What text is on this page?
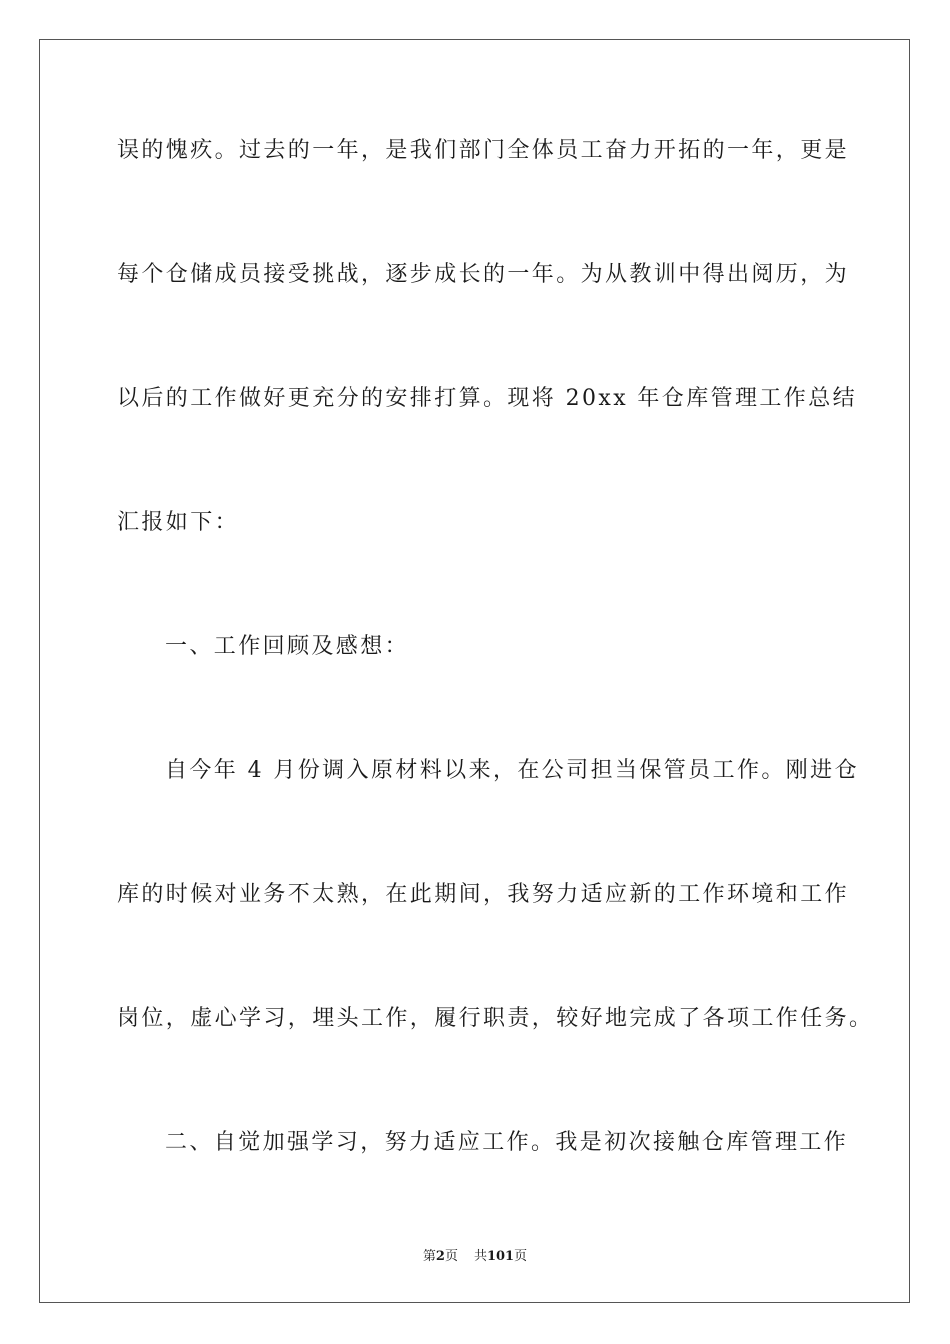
误的愧疚。过去的一年，是我们部门全体员工奋力开拓的一年，更是
每个仓储成员接受挑战，逐步成长的一年。为从教训中得出阅历，为
以后的工作做好更充分的安排打算。现将 20xx 年仓库管理工作总结
汇报如下：
一、工作回顾及感想：
自今年 4 月份调入原材料以来，在公司担当保管员工作。刚进仓
库的时候对业务不太熟，在此期间，我努力适应新的工作环境和工作
岗位，虚心学习，埋头工作，履行职责，较好地完成了各项工作任务。
二、自觉加强学习，努力适应工作。我是初次接触仓库管理工作
第2页 共101页
